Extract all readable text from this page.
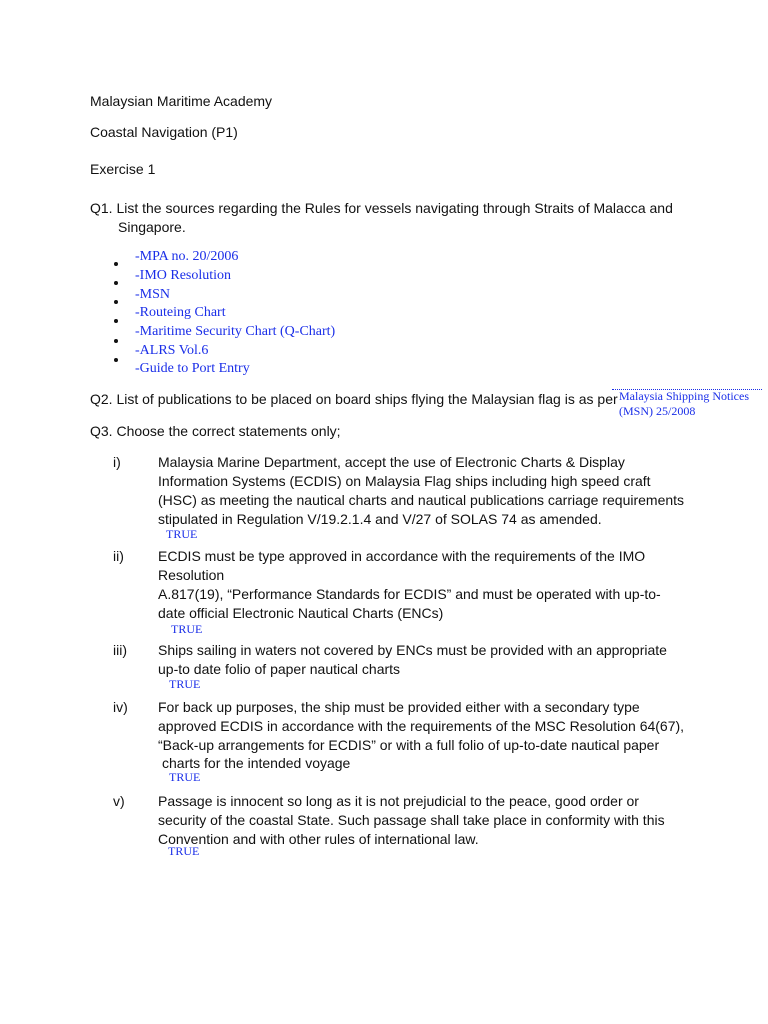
Malaysian Maritime Academy
Coastal Navigation (P1)
Exercise 1
Q1. List the sources regarding the Rules for vessels navigating through Straits of Malacca and
Singapore.
-MPA no. 20/2006
-IMO Resolution
-MSN
-Routeing Chart
-Maritime Security Chart (Q-Chart)
-ALRS Vol.6
-Guide to Port Entry
Q2. List of publications to be placed on board ships flying the Malaysian flag is as per Malaysia Shipping Notices
(MSN) 25/2008
Q3. Choose the correct statements only;
i)	Malaysia Marine Department, accept the use of Electronic Charts & Display
Information Systems (ECDIS) on Malaysia Flag ships including high speed craft
(HSC) as meeting the nautical charts and nautical publications carriage requirements
stipulated in Regulation V/19.2.1.4 and V/27 of SOLAS 74 as amended.
TRUE
ii) ECDIS must be type approved in accordance with the requirements of the IMO
Resolution
A.817(19), “Performance Standards for ECDIS” and must be operated with up-to-
date official Electronic Nautical Charts (ENCs)
TRUE
iii) Ships sailing in waters not covered by ENCs must be provided with an appropriate
up-to date folio of paper nautical charts
TRUE
iv) For back up purposes, the ship must be provided either with a secondary type
approved ECDIS in accordance with the requirements of the MSC Resolution 64(67),
“Back-up arrangements for ECDIS” or with a full folio of up-to-date nautical paper
charts for the intended voyage
TRUE
v) Passage is innocent so long as it is not prejudicial to the peace, good order or
security of the coastal State. Such passage shall take place in conformity with this
Convention and with other rules of international law.
TRUE
